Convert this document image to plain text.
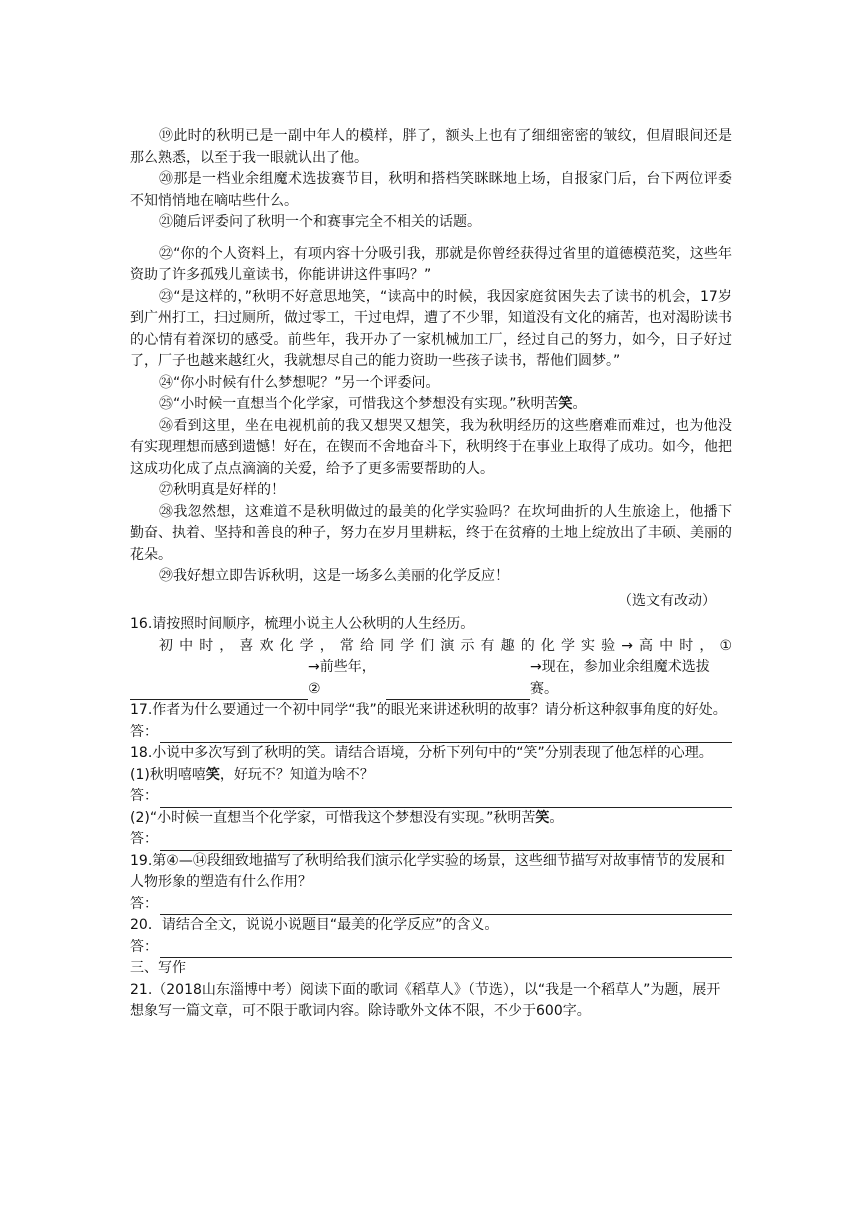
⑲此时的秋明已是一副中年人的模样，胖了，额头上也有了细细密密的皱纹，但眉眼间还是那么熟悉，以至于我一眼就认出了他。

⑳那是一档业余组魔术选拔赛节目，秋明和搭档笑眯眯地上场，自报家门后，台下两位评委不知悄悄地在嘀咕些什么。

㉑随后评委问了秋明一个和赛事完全不相关的话题。

㉒“你的个人资料上，有项内容十分吸引我，那就是你曾经获得过省里的道德模范奖，这些年资助了许多孤残儿童读书，你能讲讲这件事吗？”

㉓“是这样的，”秋明不好意思地笑，“读高中的时候，我因家庭贫困失去了读书的机会，17岁到广州打工，扫过厕所，做过零工，干过电焊，遭了不少罪，知道没有文化的痛苦，也对渴盼读书的心情有着深切的感受。前些年，我开办了一家机械加工厂，经过自己的努力，如今，日子好过了，厂子也越来越红火，我就想尽自己的能力资助一些孩子读书，帮他们圆梦。”

㉔“你小时候有什么梦想呢？”另一个评委问。

㉕“小时候一直想当个化学家，可惜我这个梦想没有实现。”秋明苦笑。

㉖看到这里，坐在电视机前的我又想哭又想笑，我为秋明经历的这些磨难而难过，也为他没有实现理想而感到遗憾！好在，在锲而不舍地奋斗下，秋明终于在事业上取得了成功。如今，他把这成功化成了点点滴滴的关爱，给予了更多需要帮助的人。

㉗秋明真是好样的！

㉘我忽然想，这难道不是秋明做过的最美的化学实验吗？在坎坷曲折的人生旅途上，他播下勤奋、执着、坚持和善良的种子，努力在岁月里耕耘，终于在贫瘠的土地上绽放出了丰硕、美丽的花朵。

㉙我好想立即告诉秋明，这是一场多么美丽的化学反应！

（选文有改动）

16.请按照时间顺序，梳理小说主人公秋明的人生经历。

初中时，喜欢化学，常给同学们演示有趣的化学实验→高中时，①

→前些年，②
→现在，参加业余组魔术选拔赛。

17.作者为什么要通过一个初中同学“我”的眼光来讲述秋明的故事？请分析这种叙事角度的好处。

答：

18.小说中多次写到了秋明的笑。请结合语境，分析下列句中的“笑”分别表现了他怎样的心理。

(1)秋明嘻嘻笑，好玩不？知道为啥不？

答：

(2)“小时候一直想当个化学家，可惜我这个梦想没有实现。”秋明苦笑。

答：

19.第④—⑭段细致地描写了秋明给我们演示化学实验的场景，这些细节描写对故事情节的发展和人物形象的塑造有什么作用？

答：

20．请结合全文，说说小说题目“最美的化学反应”的含义。

答：

三、写作

21.（2018山东淄博中考）阅读下面的歌词《稻草人》（节选），以“我是一个稻草人”为题，展开想象写一篇文章，可不限于歌词内容。除诗歌外文体不限，不少于600字。
